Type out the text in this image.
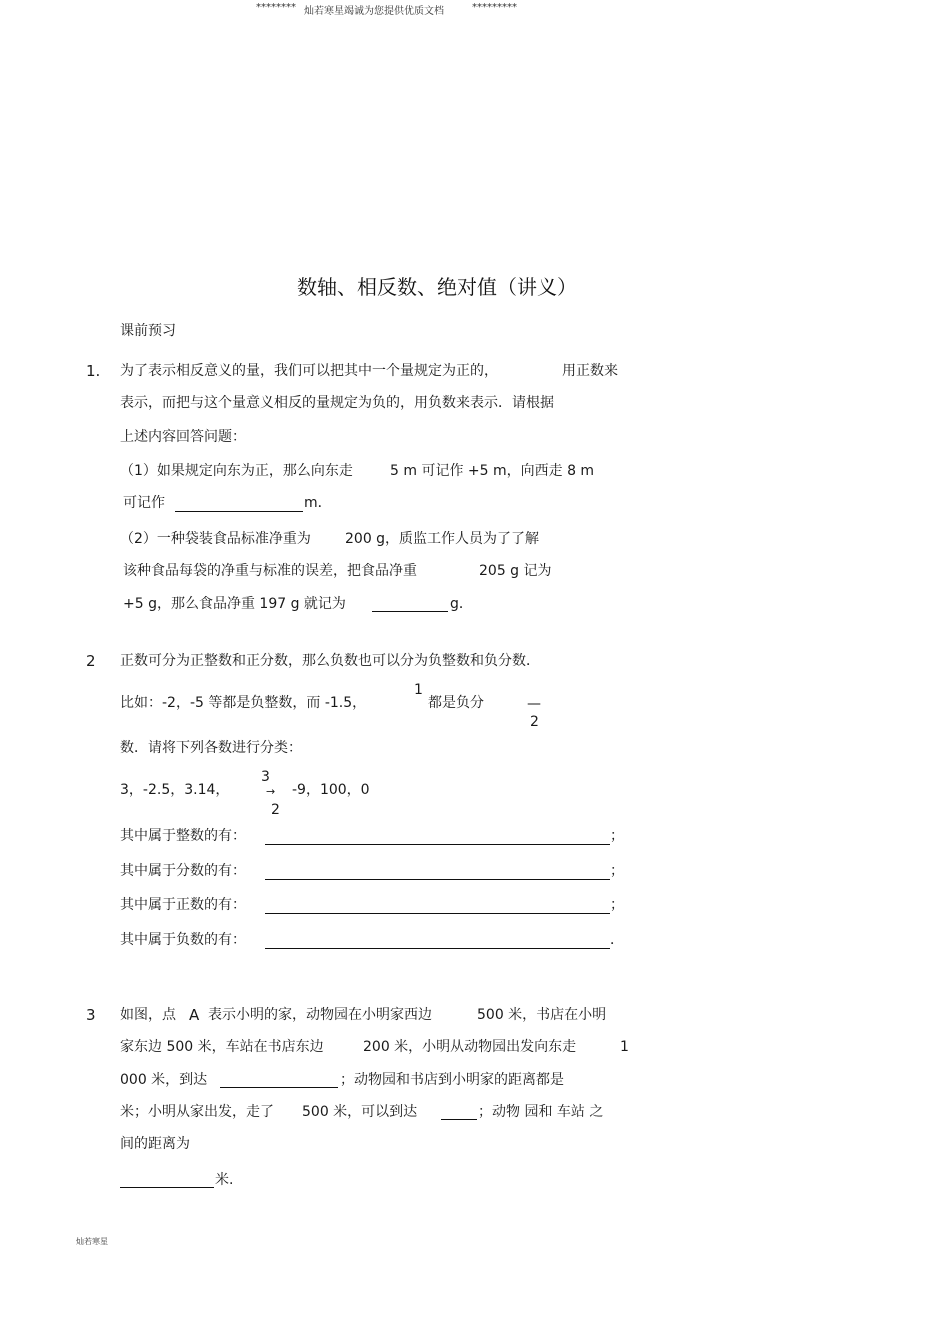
******** 灿若寒星竭诚为您提供优质文档	*********
数轴、相反数、绝对值（讲义）
课前预习
1. 为了表示相反意义的量，我们可以把其中一个量规定为正的，	用正数来
表示，而把与这个量意义相反的量规定为负的，用负数来表示．请根据
上述内容回答问题：
（1）如果规定向东为正，那么向东走	5 m 可记作 +5 m，向西走 8 m
可记作	m．
（2）一种袋装食品标准净重为 200 g，质监工作人员为了了解
该种食品每袋的净重与标准的误差，把食品净重	205 g 记为
+5 g，那么食品净重 197 g 就记为	g．
2 正数可分为正整数和正分数，那么负数也可以分为负整数和负分数．
比如：-2，-5 等都是负整数，而 -1.5，
1
都是负分	—
2
数．请将下列各数进行分类：
3，-2.5，3.14，
3
→
2
-9，100，0
其中属于整数的有：	；
其中属于分数的有：	；
其中属于正数的有：	；
其中属于负数的有：	．
3 如图，点 A 表示小明的家，动物园在小明家西边	500 米，书店在小明
家东边 500 米，车站在书店东边	200 米，小明从动物园出发向东走	1
000 米，到达	；动物园和书店到小明家的距离都是
米；小明从家出发，走了 500 米，可以到达	；动物 园和 车站 之
间的距离为
米.
灿若寒星
